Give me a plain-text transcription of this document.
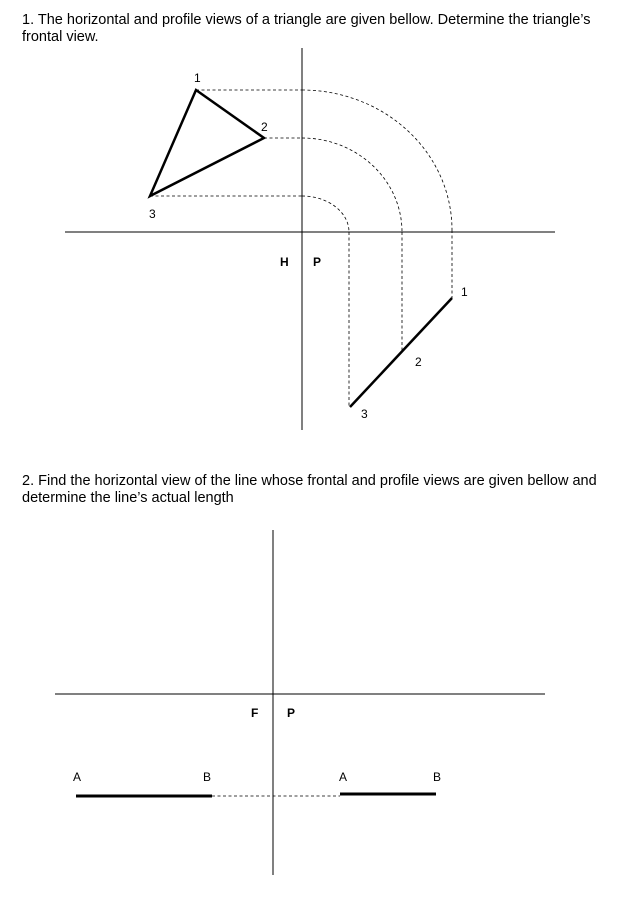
1. The horizontal and profile views of a triangle are given bellow. Determine the triangle’s frontal view.

1
2
3
H P
1
2
3
F P
A	B	A	B

2. Find the horizontal view of the line whose frontal and profile views are given bellow and determine the line’s actual length
